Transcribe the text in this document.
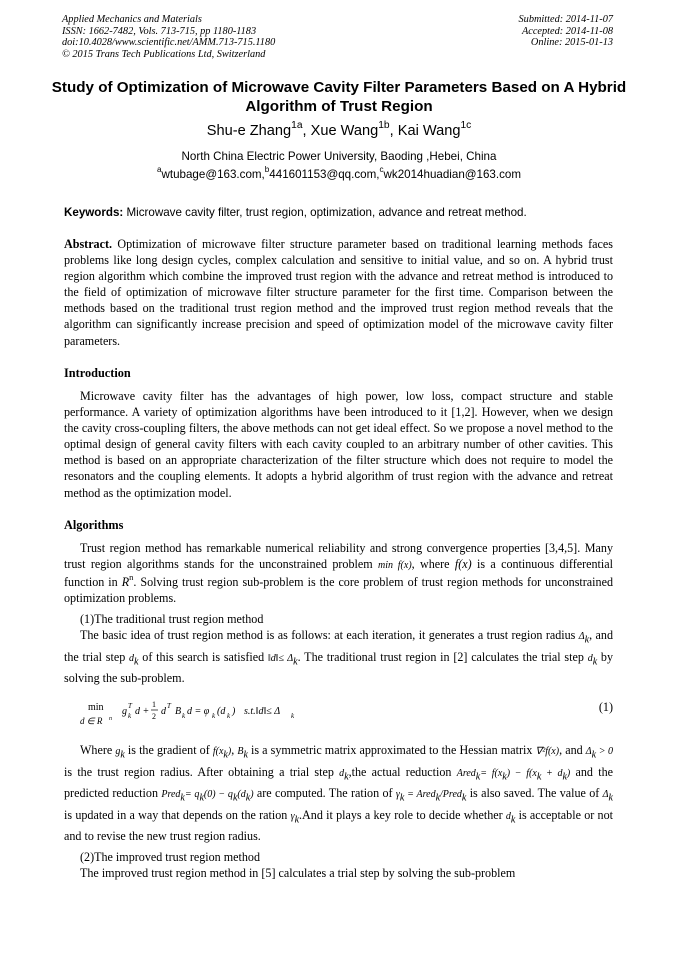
Applied Mechanics and Materials
ISSN: 1662-7482, Vols. 713-715, pp 1180-1183
doi:10.4028/www.scientific.net/AMM.713-715.1180
© 2015 Trans Tech Publications Ltd, Switzerland
Submitted: 2014-11-07
Accepted: 2014-11-08
Online: 2015-01-13
Study of Optimization of Microwave Cavity Filter Parameters Based on A Hybrid Algorithm of Trust Region
Shu-e Zhang$^{1a}$, Xue Wang$^{1b}$, Kai Wang$^{1c}$
North China Electric Power University, Baoding ,Hebei, China
$^a$wtubage@163.com,$^b$441601153@qq.com,$^c$wk2014huadian@163.com
Keywords: Microwave cavity filter, trust region, optimization, advance and retreat method.
Abstract. Optimization of microwave filter structure parameter based on traditional learning methods faces problems like long design cycles, complex calculation and sensitive to initial value, and so on. A hybrid trust region algorithm which combine the improved trust region with the advance and retreat method is introduced to the field of optimization of microwave filter structure parameter for the first time. Comparison between the methods based on the traditional trust region method and the improved trust region method reveals that the algorithm can significantly increase precision and speed of optimization model of the microwave cavity filter parameters.
Introduction
Microwave cavity filter has the advantages of high power, low loss, compact structure and stable performance. A variety of optimization algorithms have been introduced to it [1,2]. However, when we design the cavity cross-coupling filters, the above methods can not get ideal effect. So we propose a novel method to the optimal design of general cavity filters with each cavity coupled to an arbitrary number of other cavities. This method is based on an appropriate characterization of the filter structure which does not require to model the resonators and the coupling elements. It adopts a hybrid algorithm of trust region with the advance and retreat method as the optimization model.
Algorithms
Trust region method has remarkable numerical reliability and strong convergence properties [3,4,5]. Many trust region algorithms stands for the unconstrained problem min f(x), where f(x) is a continuous differential function in $R^n$. Solving trust region sub-problem is the core problem of trust region methods for unconstrained optimization problems.
(1)The traditional trust region method
The basic idea of trust region method is as follows: at each iteration, it generates a trust region radius $\Delta_k$, and the trial step $d_k$ of this search is satisfied ‖d‖≤ $\Delta_k$. The traditional trust region in [2] calculates the trial step $d_k$ by solving the sub-problem.
min
d ∈ R n
g T
k d +
1
2 d T B k d = φ k (d k ) s.t.‖d‖≤ Δ k
(1)
Where $g_k$ is the gradient of $f(x_k)$, $B_k$ is a symmetric matrix approximated to the Hessian matrix ∇²f(x), and $\Delta_k > 0$ is the trust region radius. After obtaining a trial step $d_k,the$ actual reduction Ared$_k$= $f(x_k) - f(x_k + d_k)$ and the predicted reduction Pred$_k$= $q_k(0) - q_k(d_k)$ are computed. The ration of $\gamma_k$ = Ared$_k$/Pred$_k$ is also saved. The value of $\Delta_k$ is updated in a way that depends on the ration $\gamma_k.And$ it plays a key role to decide whether $d_k$ is acceptable or not and to revise the new trust region radius.
(2)The improved trust region method
The improved trust region method in [5] calculates a trial step by solving the sub-problem
